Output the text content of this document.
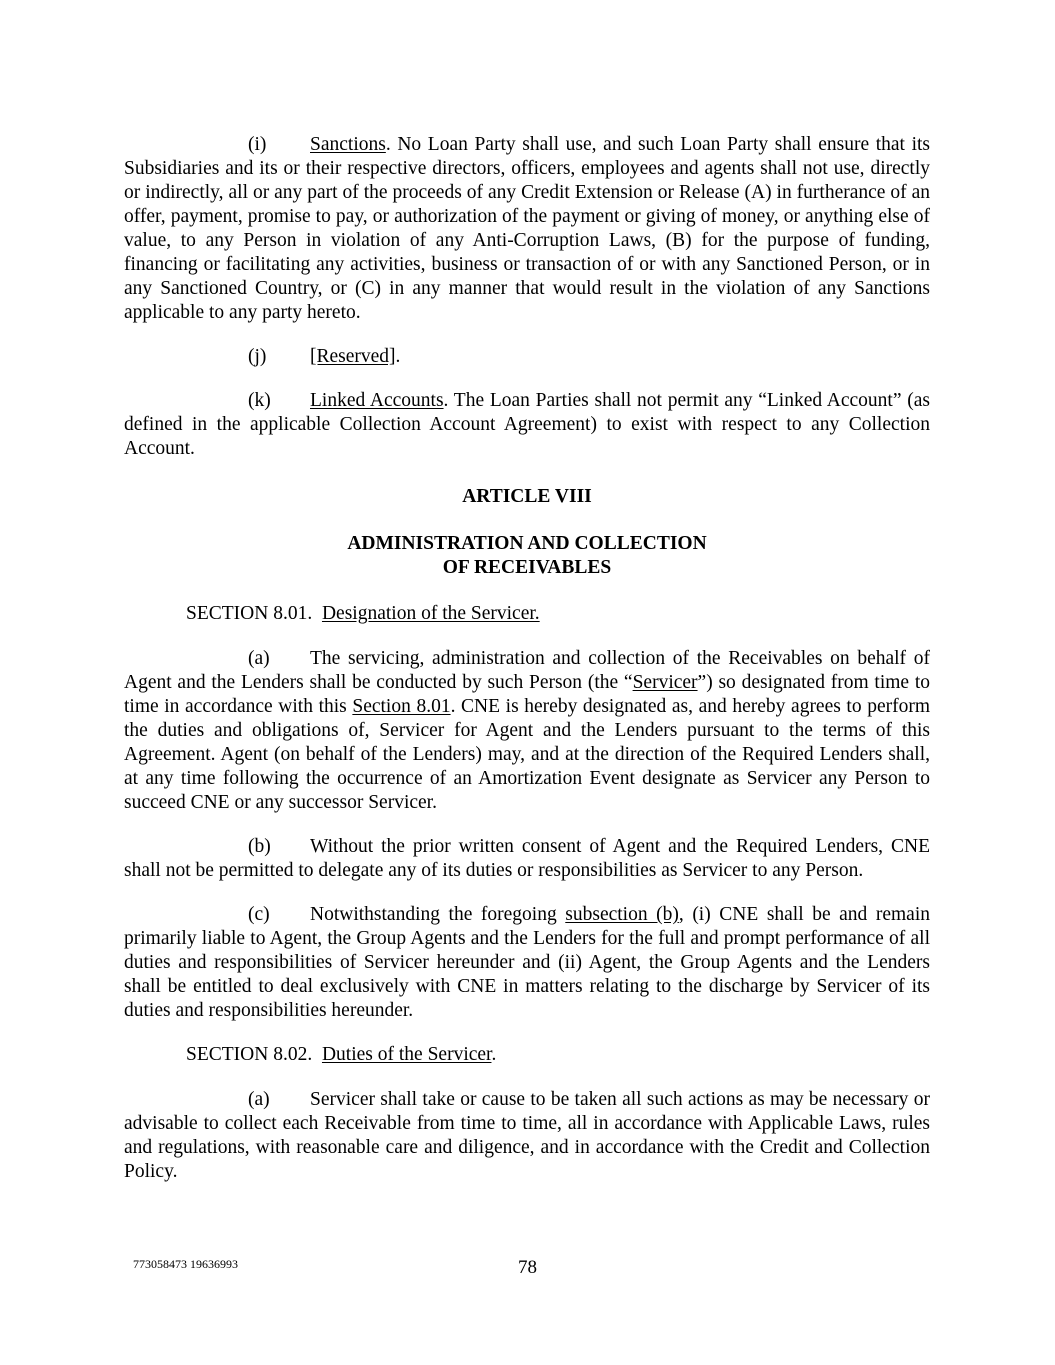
(i) Sanctions. No Loan Party shall use, and such Loan Party shall ensure that its Subsidiaries and its or their respective directors, officers, employees and agents shall not use, directly or indirectly, all or any part of the proceeds of any Credit Extension or Release (A) in furtherance of an offer, payment, promise to pay, or authorization of the payment or giving of money, or anything else of value, to any Person in violation of any Anti-Corruption Laws, (B) for the purpose of funding, financing or facilitating any activities, business or transaction of or with any Sanctioned Person, or in any Sanctioned Country, or (C) in any manner that would result in the violation of any Sanctions applicable to any party hereto.

(j) [Reserved].

(k) Linked Accounts. The Loan Parties shall not permit any “Linked Account” (as defined in the applicable Collection Account Agreement) to exist with respect to any Collection Account.

ARTICLE VIII

ADMINISTRATION AND COLLECTION
OF RECEIVABLES

SECTION 8.01. Designation of the Servicer.

(a) The servicing, administration and collection of the Receivables on behalf of Agent and the Lenders shall be conducted by such Person (the “Servicer”) so designated from time to time in accordance with this Section 8.01. CNE is hereby designated as, and hereby agrees to perform the duties and obligations of, Servicer for Agent and the Lenders pursuant to the terms of this Agreement. Agent (on behalf of the Lenders) may, and at the direction of the Required Lenders shall, at any time following the occurrence of an Amortization Event designate as Servicer any Person to succeed CNE or any successor Servicer.

(b) Without the prior written consent of Agent and the Required Lenders, CNE shall not be permitted to delegate any of its duties or responsibilities as Servicer to any Person.

(c) Notwithstanding the foregoing subsection (b), (i) CNE shall be and remain primarily liable to Agent, the Group Agents and the Lenders for the full and prompt performance of all duties and responsibilities of Servicer hereunder and (ii) Agent, the Group Agents and the Lenders shall be entitled to deal exclusively with CNE in matters relating to the discharge by Servicer of its duties and responsibilities hereunder.

SECTION 8.02. Duties of the Servicer.

(a) Servicer shall take or cause to be taken all such actions as may be necessary or advisable to collect each Receivable from time to time, all in accordance with Applicable Laws, rules and regulations, with reasonable care and diligence, and in accordance with the Credit and Collection Policy.

773058473 19636993	78
